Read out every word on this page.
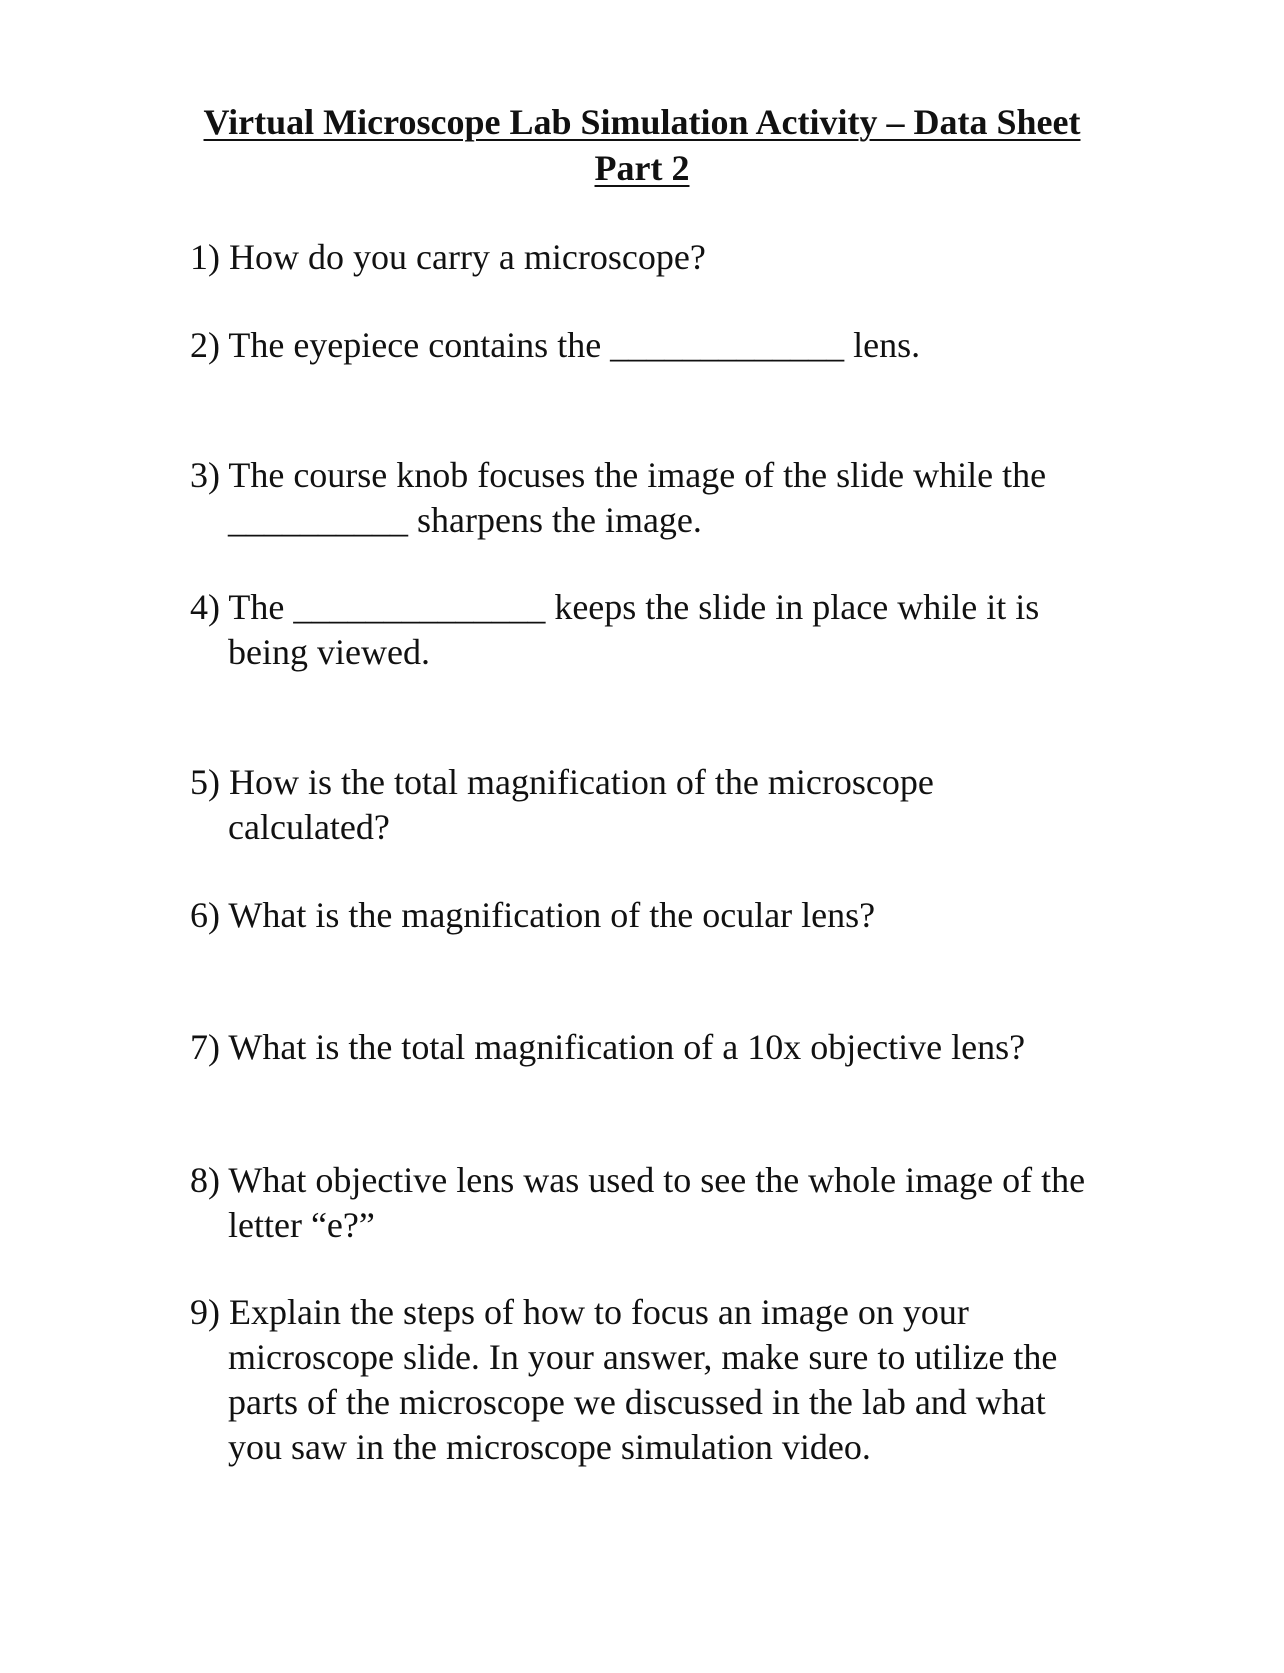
Virtual Microscope Lab Simulation Activity – Data Sheet
Part 2
1) How do you carry a microscope?
2) The eyepiece contains the _____________ lens.
3) The course knob focuses the image of the slide while the
__________ sharpens the image.
4) The ______________ keeps the slide in place while it is
being viewed.
5) How is the total magnification of the microscope
calculated?
6) What is the magnification of the ocular lens?
7) What is the total magnification of a 10x objective lens?
8) What objective lens was used to see the whole image of the
letter “e?”
9) Explain the steps of how to focus an image on your
microscope slide. In your answer, make sure to utilize the
parts of the microscope we discussed in the lab and what
you saw in the microscope simulation video.
